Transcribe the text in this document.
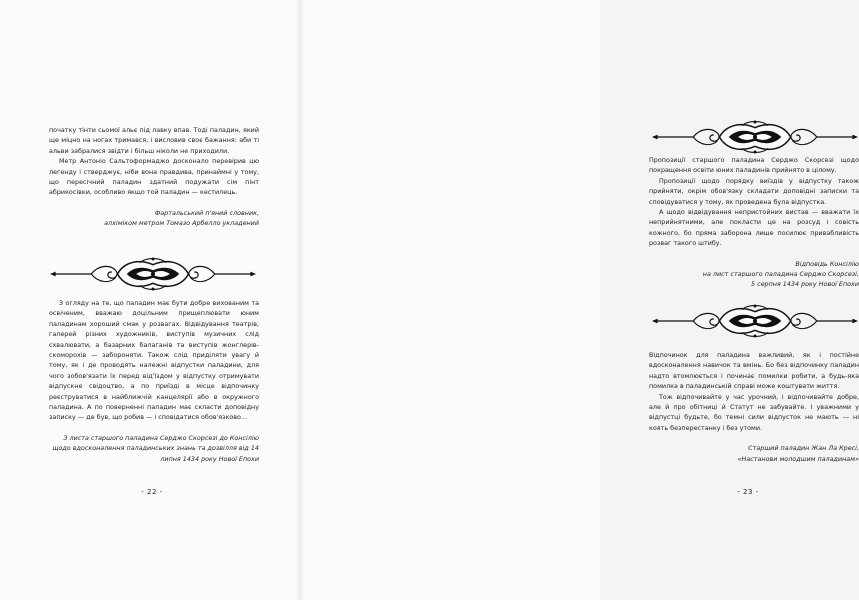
початку тінти сьомої альє під лавку впав. Тоді паладин, який ще міцно на ногах тримався, і висловив своє бажання: аби ті альви забралися звідти і більш ніколи не приходили.

Метр Антоніо Сальтоформаджо досконало перевірив цю легенду і стверджує, ніби вона правдива, принаймні у тому, що пересічний паладин здатний подужати сім пінт абрикосівки, особливо якщо той паладин — кестилець.

Фартальський п'яний словник,

алхіміком метром Томазо Арбелло укладений

З огляду на те, що паладин має бути добре вихованим та освіченим, вважаю доцільним прищеплювати юним паладинам хороший смак у розвагах. Відвідування театрів, галерей різних художників, виступів музичних слід схвалювати, а базарних балаганів та виступів жонглерів-скоморохів — забороняти. Також слід приділяти увагу й тому, як і де проводять належні відпустки паладини, для чого зобов'язати їх перед від'їздом у відпустку отримувати відпускне свідоцтво, а по приїзді в місце відпочинку реєструватися в найближчій канцелярії або в окружного паладина. А по поверненні паладин має скласти доповідну записку — де був, що робив — і сповідатися обов'язково...

З листа старшого паладина Серджо Скорсезі до Консілію щодо вдосконалення паладинських знань та дозвілля від 14 липня 1434 року Нової Епохи

- 22 -

Пропозиції старшого паладина Серджо Скорсезі щодо покращення освіти юних паладинів прийнято в цілому.

Пропозиції щодо порядку виїздів у відпустку також прийняти, окрім обов'язку складати доповідні записки та сповідуватися у тому, як проведена була відпустка.

А щодо відвідування непристойних вистав — вважати їх неприйнятними, але покласти це на розсуд і совість кожного, бо пряма заборона лише посилює привабливість розваг такого штибу.

Відповідь Консілію

на лист старшого паладина Серджо Скорсезі,

5 серпня 1434 року Нової Епохи

Відпочинок для паладина важливий, як і постійне вдосконалення навичок та вмінь. Бо без відпочинку паладин надто втомлюється і починає помилки робити, а будь-яка помилка в паладинській справі може коштувати життя.

Тож відпочивайте у час урочний, і відпочивайте добре, але й про обітниці й Статут не забувайте. І уважними у відпустці будьте, бо темні сили відпусток не мають — ні коять безперестанку і без утоми.

Старший паладин Жан Ла Кресі,

«Настанови молодшим паладинам»

- 23 -
